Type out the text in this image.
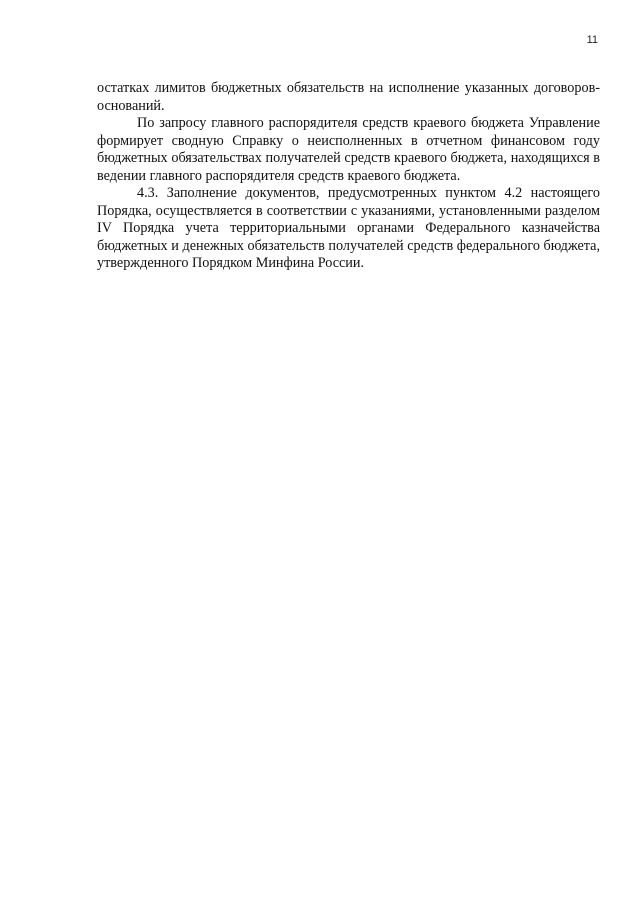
11

остатках лимитов бюджетных обязательств на исполнение указанных договоров-оснований.

По запросу главного распорядителя средств краевого бюджета Управление формирует сводную Справку о неисполненных в отчетном финансовом году бюджетных обязательствах получателей средств краевого бюджета, находящихся в ведении главного распорядителя средств краевого бюджета.

4.3. Заполнение документов, предусмотренных пунктом 4.2 настоящего Порядка, осуществляется в соответствии с указаниями, установленными разделом IV Порядка учета территориальными органами Федерального казначейства бюджетных и денежных обязательств получателей средств федерального бюджета, утвержденного Порядком Минфина России.
